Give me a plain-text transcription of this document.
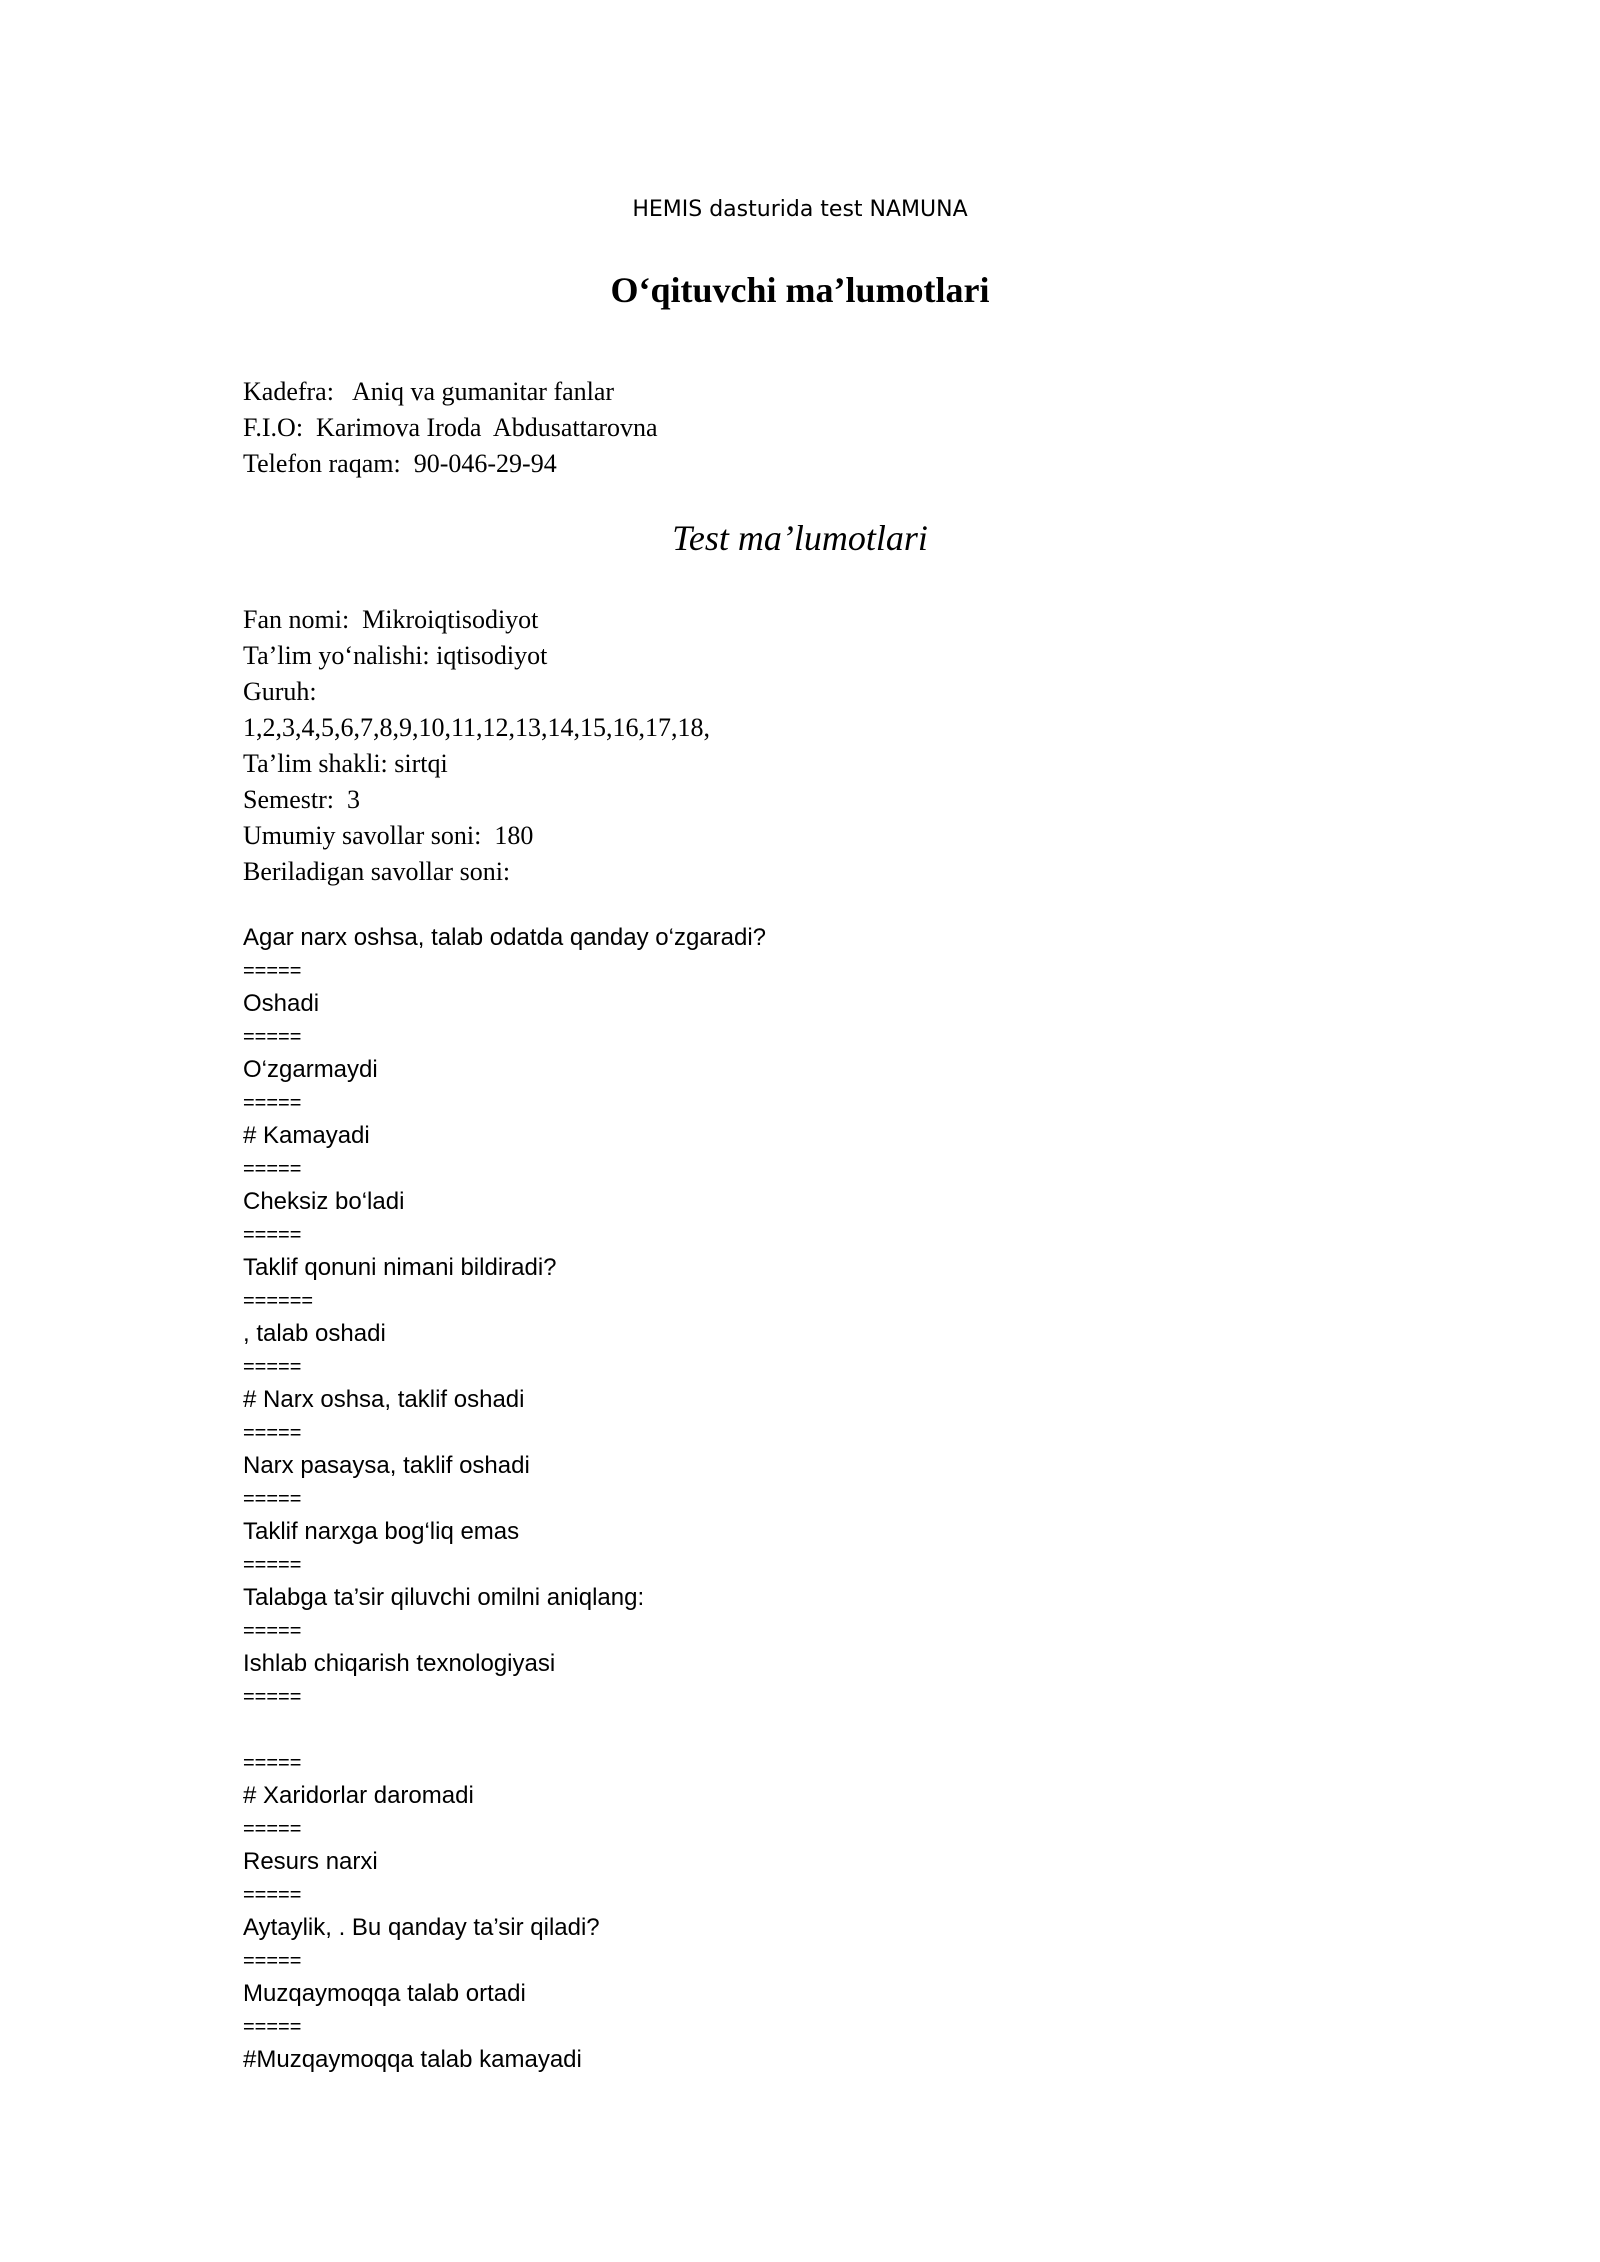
HEMIS dasturida test NAMUNA
O‘qituvchi ma’lumotlari
Kadefra:   Aniq va gumanitar fanlar
F.I.O:  Karimova Iroda  Abdusattarovna
Telefon raqam:  90-046-29-94
Test ma’lumotlari
Fan nomi:  Mikroiqtisodiyot
Ta’lim yo‘nalishi: iqtisodiyot
Guruh:
1,2,3,4,5,6,7,8,9,10,11,12,13,14,15,16,17,18,
Ta’lim shakli: sirtqi
Semestr:  3
Umumiy savollar soni:  180
Beriladigan savollar soni:
Agar narx oshsa, talab odatda qanday o‘zgaradi?
=====
Oshadi
=====
O‘zgarmaydi
=====
# Kamayadi
=====
Cheksiz bo‘ladi
=====
Taklif qonuni nimani bildiradi?
======
, talab oshadi
=====
# Narx oshsa, taklif oshadi
=====
Narx pasaysa, taklif oshadi
=====
Taklif narxga bog‘liq emas
=====
Talabga ta’sir qiluvchi omilni aniqlang:
=====
Ishlab chiqarish texnologiyasi
=====
=====
# Xaridorlar daromadi
=====
Resurs narxi
=====
Aytaylik, . Bu qanday ta’sir qiladi?
=====
Muzqaymoqqa talab ortadi
=====
#Muzqaymoqqa talab kamayadi
